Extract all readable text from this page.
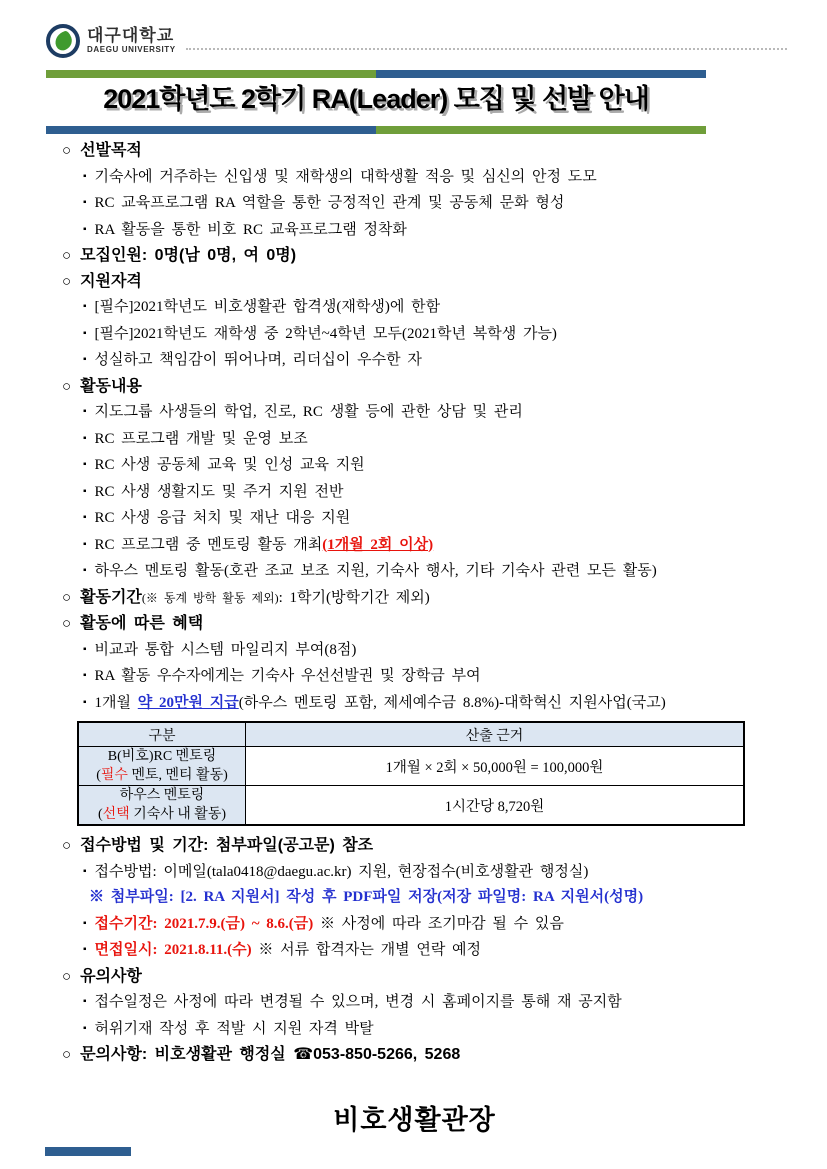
대구대학교
DAEGU UNIVERSITY
2021학년도 2학기 RA(Leader) 모집 및 선발 안내
○ 선발목적
▪ 기숙사에 거주하는 신입생 및 재학생의 대학생활 적응 및 심신의 안정 도모
▪ RC 교육프로그램 RA 역할을 통한 긍정적인 관계 및 공동체 문화 형성
▪ RA 활동을 통한 비호 RC 교육프로그램 정착화
○ 모집인원: 0명(남 0명, 여 0명)
○ 지원자격
▪ [필수]2021학년도 비호생활관 합격생(재학생)에 한함
▪ [필수]2021학년도 재학생 중 2학년~4학년 모두(2021학년 복학생 가능)
▪ 성실하고 책임감이 뛰어나며, 리더십이 우수한 자
○ 활동내용
▪ 지도그룹 사생들의 학업, 진로, RC 생활 등에 관한 상담 및 관리
▪ RC 프로그램 개발 및 운영 보조
▪ RC 사생 공동체 교육 및 인성 교육 지원
▪ RC 사생 생활지도 및 주거 지원 전반
▪ RC 사생 응급 처치 및 재난 대응 지원
▪ RC 프로그램 중 멘토링 활동 개최(1개월 2회 이상)
▪ 하우스 멘토링 활동(호관 조교 보조 지원, 기숙사 행사, 기타 기숙사 관련 모든 활동)
○ 활동기간(※ 동계 방학 활동 제외): 1학기(방학기간 제외)
○ 활동에 따른 혜택
▪ 비교과 통합 시스템 마일리지 부여(8점)
▪ RA 활동 우수자에게는 기숙사 우선선발권 및 장학금 부여
▪ 1개월 약 20만원 지급(하우스 멘토링 포함, 제세예수금 8.8%)-대학혁신 지원사업(국고)
구분	산출 근거

B(비호)RC 멘토링
(필수 멘토, 멘티 활동)	1개월 × 2회 × 50,000원 = 100,000원

하우스 멘토링
(선택 기숙사 내 활동)	1시간당 8,720원
○ 접수방법 및 기간: 첨부파일(공고문) 참조
▪ 접수방법: 이메일(tala0418@daegu.ac.kr) 지원, 현장접수(비호생활관 행정실)
※ 첨부파일: [2. RA 지원서] 작성 후 PDF파일 저장(저장 파일명: RA 지원서(성명)
▪ 접수기간: 2021.7.9.(금) ~ 8.6.(금) ※ 사정에 따라 조기마감 될 수 있음
▪ 면접일시: 2021.8.11.(수) ※ 서류 합격자는 개별 연락 예정
○ 유의사항
▪ 접수일정은 사정에 따라 변경될 수 있으며, 변경 시 홈페이지를 통해 재 공지함
▪ 허위기재 작성 후 적발 시 지원 자격 박탈
○ 문의사항: 비호생활관 행정실 ☎053-850-5266, 5268
비호생활관장
